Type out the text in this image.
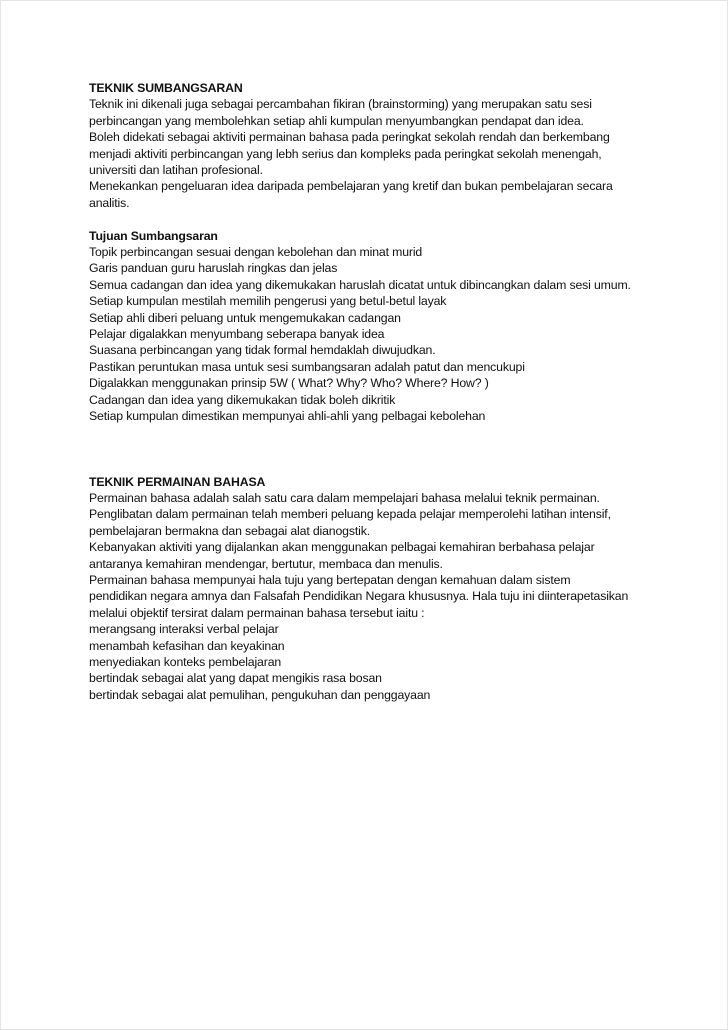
TEKNIK SUMBANGSARAN
Teknik ini dikenali juga sebagai percambahan fikiran (brainstorming) yang merupakan satu sesi
perbincangan yang membolehkan setiap ahli kumpulan menyumbangkan pendapat dan idea.
Boleh didekati sebagai aktiviti permainan bahasa pada peringkat sekolah rendah dan berkembang
menjadi aktiviti perbincangan yang lebh serius dan kompleks pada peringkat sekolah menengah,
universiti dan latihan profesional.
Menekankan pengeluaran idea daripada pembelajaran yang kretif dan bukan pembelajaran secara
analitis.
Tujuan Sumbangsaran
Topik perbincangan sesuai dengan kebolehan dan minat murid
Garis panduan guru haruslah ringkas dan jelas
Semua cadangan dan idea yang dikemukakan haruslah dicatat untuk dibincangkan dalam sesi umum.
Setiap kumpulan mestilah memilih pengerusi yang betul-betul layak
Setiap ahli diberi peluang untuk mengemukakan cadangan
Pelajar digalakkan menyumbang seberapa banyak idea
Suasana perbincangan yang tidak formal hemdaklah diwujudkan.
Pastikan peruntukan masa untuk sesi sumbangsaran adalah patut dan mencukupi
Digalakkan menggunakan prinsip 5W ( What? Why? Who? Where? How? )
Cadangan dan idea yang dikemukakan tidak boleh dikritik
Setiap kumpulan dimestikan mempunyai ahli-ahli yang pelbagai kebolehan
TEKNIK PERMAINAN BAHASA
Permainan bahasa adalah salah satu cara dalam mempelajari bahasa melalui teknik permainan.
Penglibatan dalam permainan telah memberi peluang kepada pelajar memperolehi latihan intensif,
pembelajaran bermakna dan sebagai alat dianogstik.
Kebanyakan aktiviti yang dijalankan akan menggunakan pelbagai kemahiran berbahasa pelajar
antaranya kemahiran mendengar, bertutur, membaca dan menulis.
Permainan bahasa mempunyai hala tuju yang bertepatan dengan kemahuan dalam sistem
pendidikan negara amnya dan Falsafah Pendidikan Negara khususnya. Hala tuju ini diinterapetasikan
melalui objektif tersirat dalam permainan bahasa tersebut iaitu :
merangsang interaksi verbal pelajar
menambah kefasihan dan keyakinan
menyediakan konteks pembelajaran
bertindak sebagai alat yang dapat mengikis rasa bosan
bertindak sebagai alat pemulihan, pengukuhan dan penggayaan
